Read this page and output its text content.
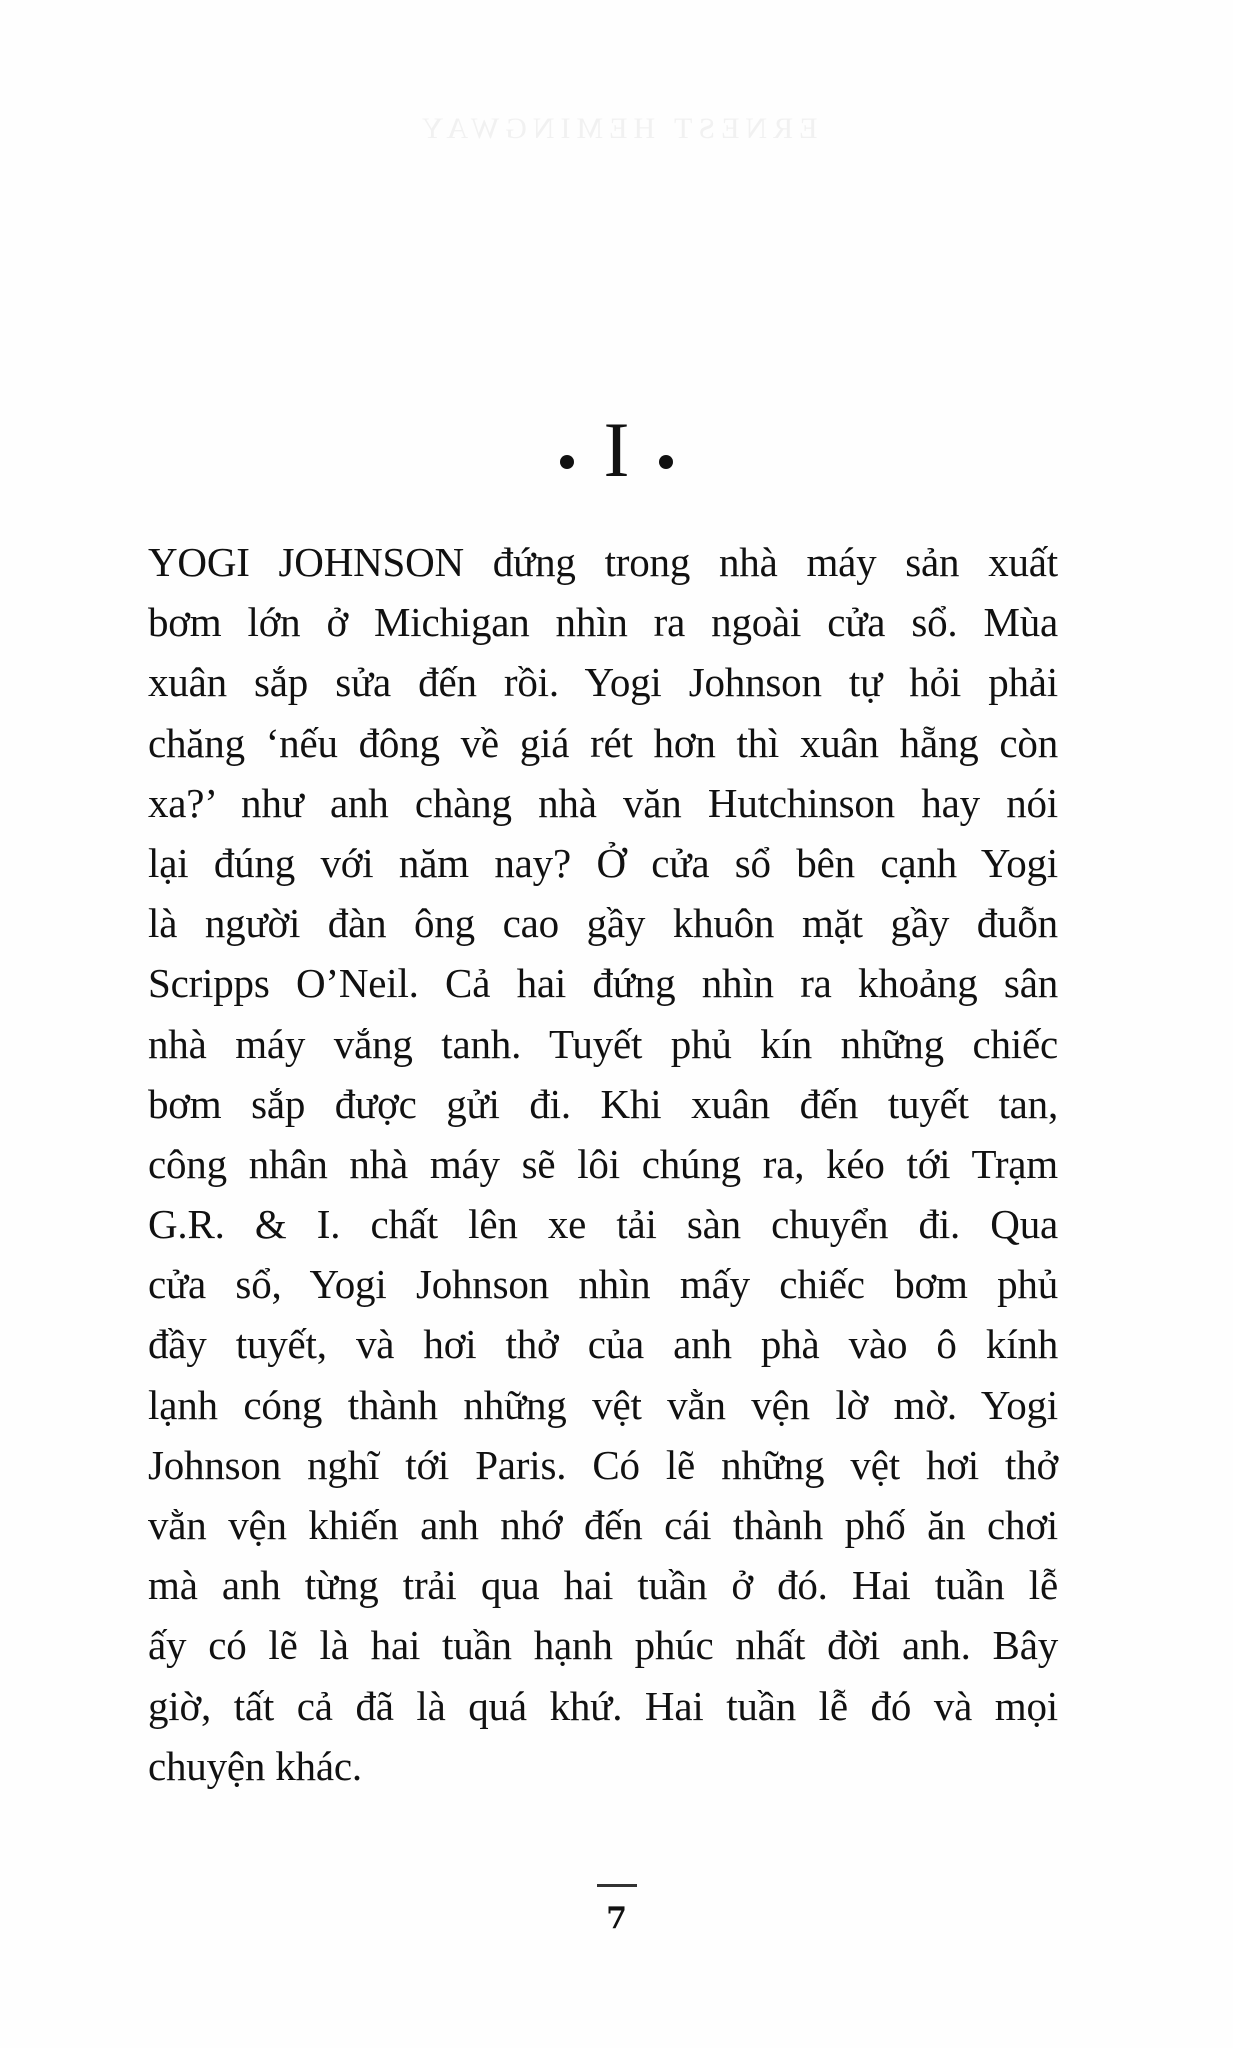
ERNEST HEMINGWAY
I
YOGI JOHNSON đứng trong nhà máy sản xuất
bơm lớn ở Michigan nhìn ra ngoài cửa sổ. Mùa
xuân sắp sửa đến rồi. Yogi Johnson tự hỏi phải
chăng ‘nếu đông về giá rét hơn thì xuân hẵng còn
xa?’ như anh chàng nhà văn Hutchinson hay nói
lại đúng với năm nay? Ở cửa sổ bên cạnh Yogi
là người đàn ông cao gầy khuôn mặt gầy đuỗn
Scripps O’Neil. Cả hai đứng nhìn ra khoảng sân
nhà máy vắng tanh. Tuyết phủ kín những chiếc
bơm sắp được gửi đi. Khi xuân đến tuyết tan,
công nhân nhà máy sẽ lôi chúng ra, kéo tới Trạm
G.R. & I. chất lên xe tải sàn chuyển đi. Qua
cửa sổ, Yogi Johnson nhìn mấy chiếc bơm phủ
đầy tuyết, và hơi thở của anh phà vào ô kính
lạnh cóng thành những vệt vằn vện lờ mờ. Yogi
Johnson nghĩ tới Paris. Có lẽ những vệt hơi thở
vằn vện khiến anh nhớ đến cái thành phố ăn chơi
mà anh từng trải qua hai tuần ở đó. Hai tuần lễ
ấy có lẽ là hai tuần hạnh phúc nhất đời anh. Bây
giờ, tất cả đã là quá khứ. Hai tuần lễ đó và mọi
chuyện khác.
7
